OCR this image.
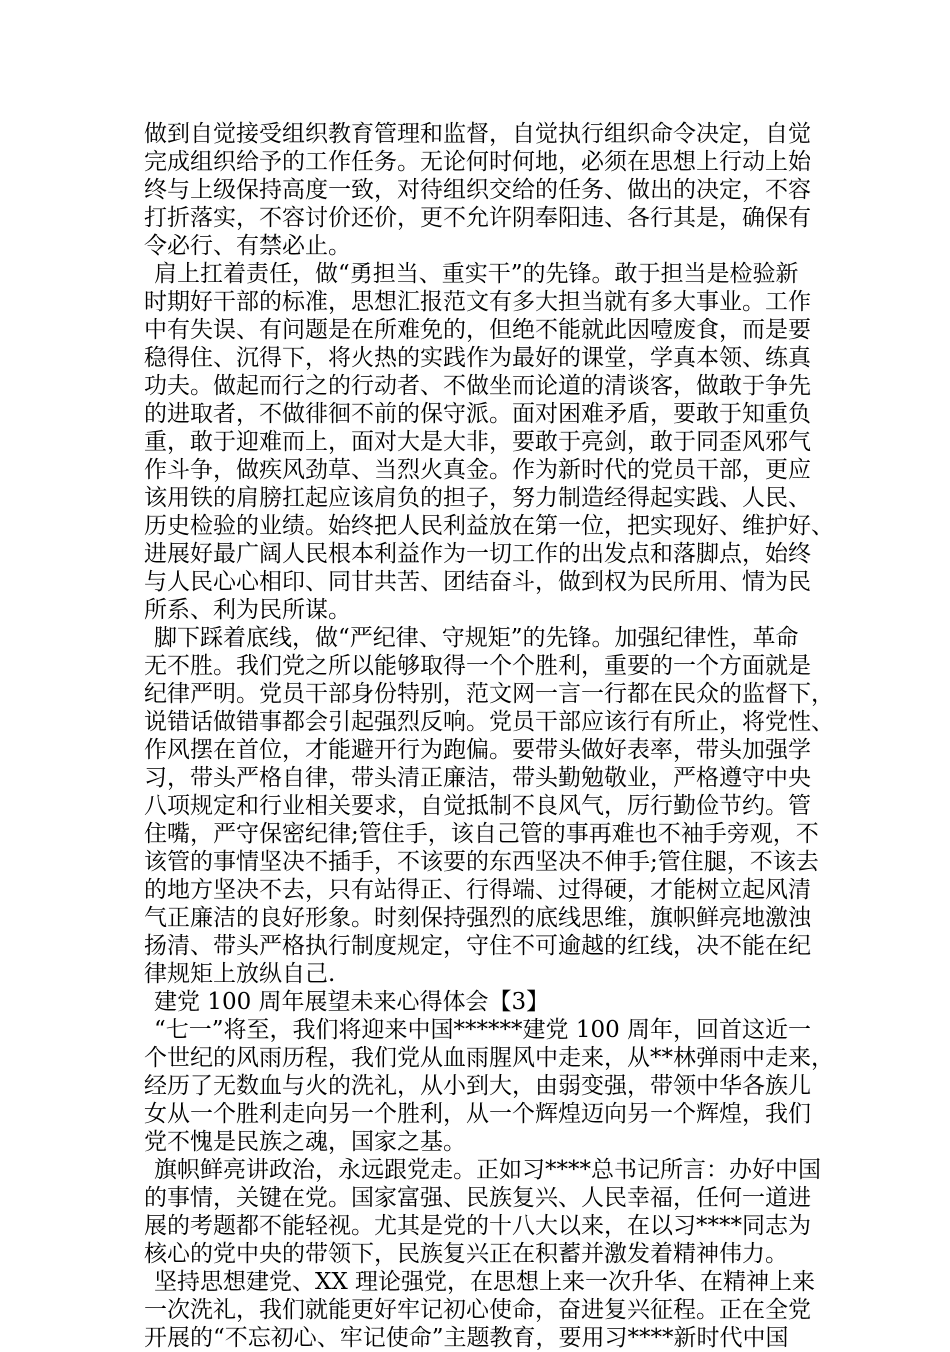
做到自觉接受组织教育管理和监督，自觉执行组织命令决定，自觉
完成组织给予的工作任务。无论何时何地，必须在思想上行动上始
终与上级保持高度一致，对待组织交给的任务、做出的决定，不容
打折落实，不容讨价还价，更不允许阴奉阳违、各行其是，确保有
令必行、有禁必止。
肩上扛着责任，做“勇担当、重实干”的先锋。敢于担当是检验新
时期好干部的标准，思想汇报范文有多大担当就有多大事业。工作
中有失误、有问题是在所难免的，但绝不能就此因噎废食，而是要
稳得住、沉得下，将火热的实践作为最好的课堂，学真本领、练真
功夫。做起而行之的行动者、不做坐而论道的清谈客，做敢于争先
的进取者，不做徘徊不前的保守派。面对困难矛盾，要敢于知重负
重，敢于迎难而上，面对大是大非，要敢于亮剑，敢于同歪风邪气
作斗争，做疾风劲草、当烈火真金。作为新时代的党员干部，更应
该用铁的肩膀扛起应该肩负的担子，努力制造经得起实践、人民、
历史检验的业绩。始终把人民利益放在第一位，把实现好、维护好、
进展好最广阔人民根本利益作为一切工作的出发点和落脚点，始终
与人民心心相印、同甘共苦、团结奋斗，做到权为民所用、情为民
所系、利为民所谋。
脚下踩着底线，做“严纪律、守规矩”的先锋。加强纪律性，革命
无不胜。我们党之所以能够取得一个个胜利，重要的一个方面就是
纪律严明。党员干部身份特别，范文网一言一行都在民众的监督下，
说错话做错事都会引起强烈反响。党员干部应该行有所止，将党性、
作风摆在首位，才能避开行为跑偏。要带头做好表率，带头加强学
习，带头严格自律，带头清正廉洁，带头勤勉敬业，严格遵守中央
八项规定和行业相关要求，自觉抵制不良风气，厉行勤俭节约。管
住嘴，严守保密纪律;管住手，该自己管的事再难也不袖手旁观，不
该管的事情坚决不插手，不该要的东西坚决不伸手;管住腿，不该去
的地方坚决不去，只有站得正、行得端、过得硬，才能树立起风清
气正廉洁的良好形象。时刻保持强烈的底线思维，旗帜鲜亮地激浊
扬清、带头严格执行制度规定，守住不可逾越的红线，决不能在纪
律规矩上放纵自己.
建党 100 周年展望未来心得体会【3】
“七一”将至，我们将迎来中国******建党 100 周年，回首这近一
个世纪的风雨历程，我们党从血雨腥风中走来，从**林弹雨中走来，
经历了无数血与火的洗礼，从小到大，由弱变强，带领中华各族儿
女从一个胜利走向另一个胜利，从一个辉煌迈向另一个辉煌，我们
党不愧是民族之魂，国家之基。
旗帜鲜亮讲政治，永远跟党走。正如习****总书记所言：办好中国
的事情，关键在党。国家富强、民族复兴、人民幸福，任何一道进
展的考题都不能轻视。尤其是党的十八大以来，在以习****同志为
核心的党中央的带领下，民族复兴正在积蓄并激发着精神伟力。
坚持思想建党、XX 理论强党，在思想上来一次升华、在精神上来
一次洗礼，我们就能更好牢记初心使命，奋进复兴征程。正在全党
开展的“不忘初心、牢记使命”主题教育，要用习****新时代中国
